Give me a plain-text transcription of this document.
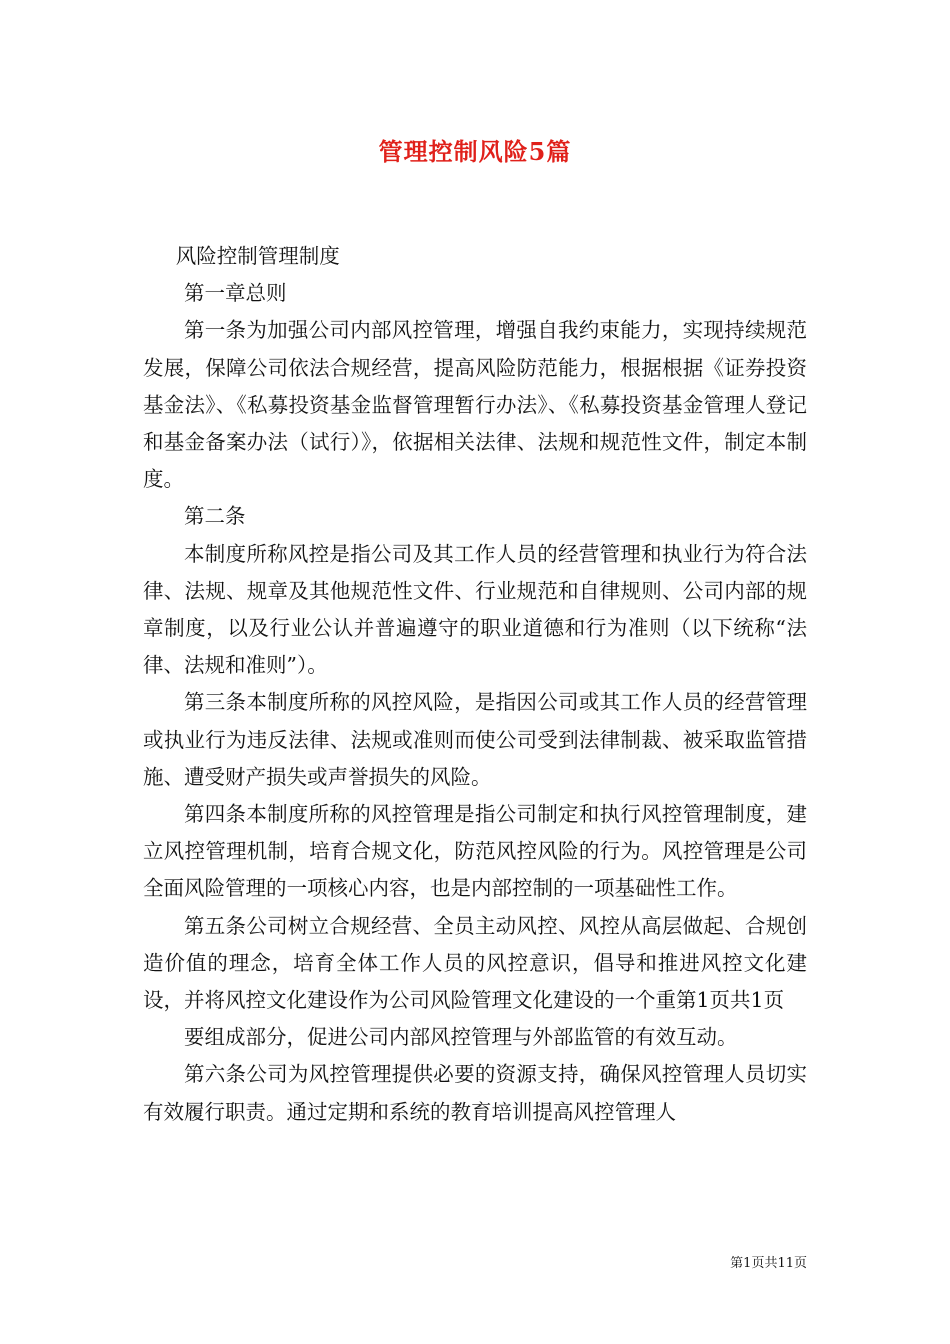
管理控制风险5篇

风险控制管理制度

第一章总则

第一条为加强公司内部风控管理，增强自我约束能力，实现持续规范发展，保障公司依法合规经营，提高风险防范能力，根据根据《证券投资基金法》、《私募投资基金监督管理暂行办法》、《私募投资基金管理人登记和基金备案办法（试行）》，依据相关法律、法规和规范性文件，制定本制度。

第二条

本制度所称风控是指公司及其工作人员的经营管理和执业行为符合法律、法规、规章及其他规范性文件、行业规范和自律规则、公司内部的规章制度，以及行业公认并普遍遵守的职业道德和行为准则（以下统称“法律、法规和准则”）。

第三条本制度所称的风控风险，是指因公司或其工作人员的经营管理或执业行为违反法律、法规或准则而使公司受到法律制裁、被采取监管措施、遭受财产损失或声誉损失的风险。

第四条本制度所称的风控管理是指公司制定和执行风控管理制度，建立风控管理机制，培育合规文化，防范风控风险的行为。风控管理是公司全面风险管理的一项核心内容，也是内部控制的一项基础性工作。

第五条公司树立合规经营、全员主动风控、风控从高层做起、合规创造价值的理念，培育全体工作人员的风控意识，倡导和推进风控文化建设，并将风控文化建设作为公司风险管理文化建设的一个重第1页共1页

要组成部分，促进公司内部风控管理与外部监管的有效互动。

第六条公司为风控管理提供必要的资源支持，确保风控管理人员切实有效履行职责。通过定期和系统的教育培训提高风控管理人

第1页共11页
